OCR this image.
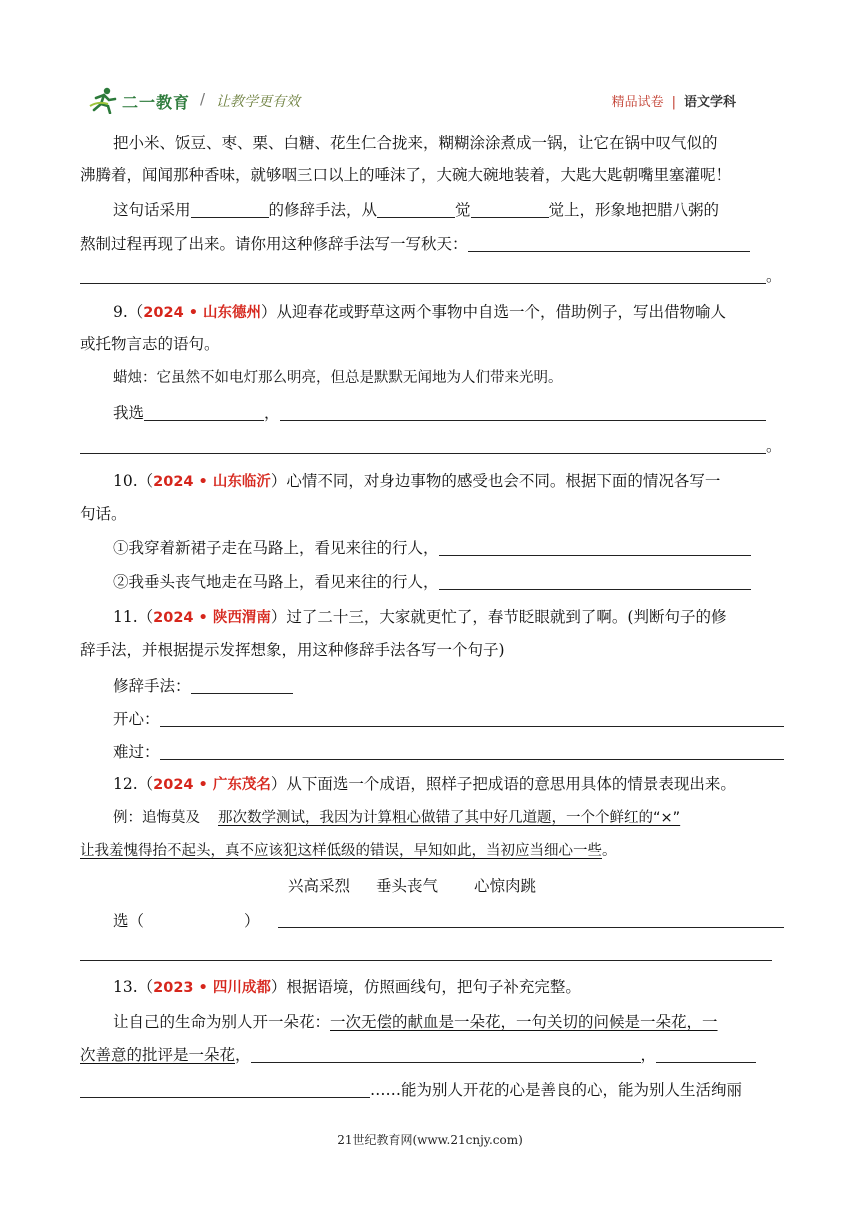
二一教育 / 让教学更有效	精品试卷 | 语文学科
把小米、饭豆、枣、栗、白糖、花生仁合拢来，糊糊涂涂煮成一锅，让它在锅中叹气似的
沸腾着，闻闻那种香味，就够咽三口以上的唾沫了，大碗大碗地装着，大匙大匙朝嘴里塞灌呢！
这句话采用	的修辞手法，从	觉	觉上，形象地把腊八粥的
熬制过程再现了出来。请你用这种修辞手法写一写秋天：
。
9.（2024 • 山东德州）从迎春花或野草这两个事物中自选一个，借助例子，写出借物喻人
或托物言志的语句。
蜡烛：它虽然不如电灯那么明亮，但总是默默无闻地为人们带来光明。
我选	，
。
10.（2024 • 山东临沂）心情不同，对身边事物的感受也会不同。根据下面的情况各写一
句话。
①我穿着新裙子走在马路上，看见来往的行人，
②我垂头丧气地走在马路上，看见来往的行人，
11.（2024 • 陕西渭南）过了二十三，大家就更忙了，春节眨眼就到了啊。(判断句子的修
辞手法，并根据提示发挥想象，用这种修辞手法各写一个句子)
修辞手法：
开心：
难过：
12.（2024 • 广东茂名）从下面选一个成语，照样子把成语的意思用具体的情景表现出来。
例：追悔莫及 那次数学测试，我因为计算粗心做错了其中好几道题，一个个鲜红的“×”
让我羞愧得抬不起头，真不应该犯这样低级的错误，早知如此，当初应当细心一些。
兴高采烈 垂头丧气 心惊肉跳
选（	）
13.（2023 • 四川成都）根据语境，仿照画线句，把句子补充完整。
让自己的生命为别人开一朵花：一次无偿的献血是一朵花，一句关切的问候是一朵花，一
次善意的批评是一朵花，	，
……能为别人开花的心是善良的心，能为别人生活绚丽
21世纪教育网(www.21cnjy.com)
